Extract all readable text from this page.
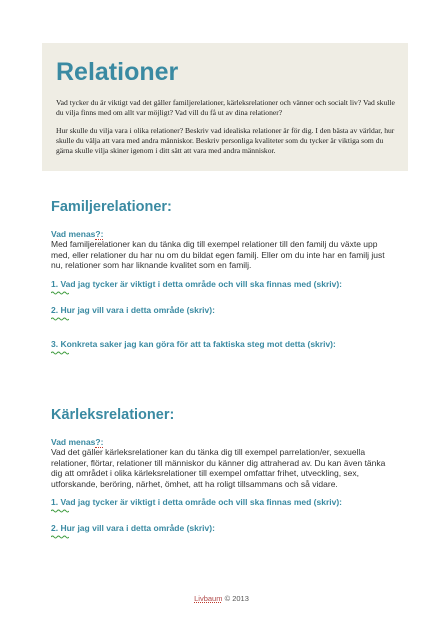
Relationer

Vad tycker du är viktigt vad det gäller familjerelationer, kärleksrelationer och vänner och socialt liv? Vad skulle du vilja finns med om allt var möjligt? Vad vill du få ut av dina relationer?

Hur skulle du vilja vara i olika relationer? Beskriv vad idealiska relationer är för dig. I den bästa av världar, hur skulle du välja att vara med andra människor. Beskriv personliga kvaliteter som du tycker är viktiga som du gärna skulle vilja skiner igenom i ditt sätt att vara med andra människor.

Familjerelationer:
Vad menas?:

Med familjerelationer kan du tänka dig till exempel relationer till den familj du växte upp med, eller relationer du har nu om du bildat egen familj. Eller om du inte har en familj just nu, relationer som har liknande kvalitet som en familj.

1. Vad jag tycker är viktigt i detta område och vill ska finnas med (skriv):

2. Hur jag vill vara i detta område (skriv):

3. Konkreta saker jag kan göra för att ta faktiska steg mot detta (skriv):

Kärleksrelationer:
Vad menas?:

Vad det gäller kärleksrelationer kan du tänka dig till exempel parrelation/er, sexuella relationer, flörtar, relationer till människor du känner dig attraherad av. Du kan även tänka dig att området i olika kärleksrelationer till exempel omfattar frihet, utveckling, sex, utforskande, beröring, närhet, ömhet, att ha roligt tillsammans och så vidare.

1. Vad jag tycker är viktigt i detta område och vill ska finnas med (skriv):

2. Hur jag vill vara i detta område (skriv):

Livbaum © 2013
